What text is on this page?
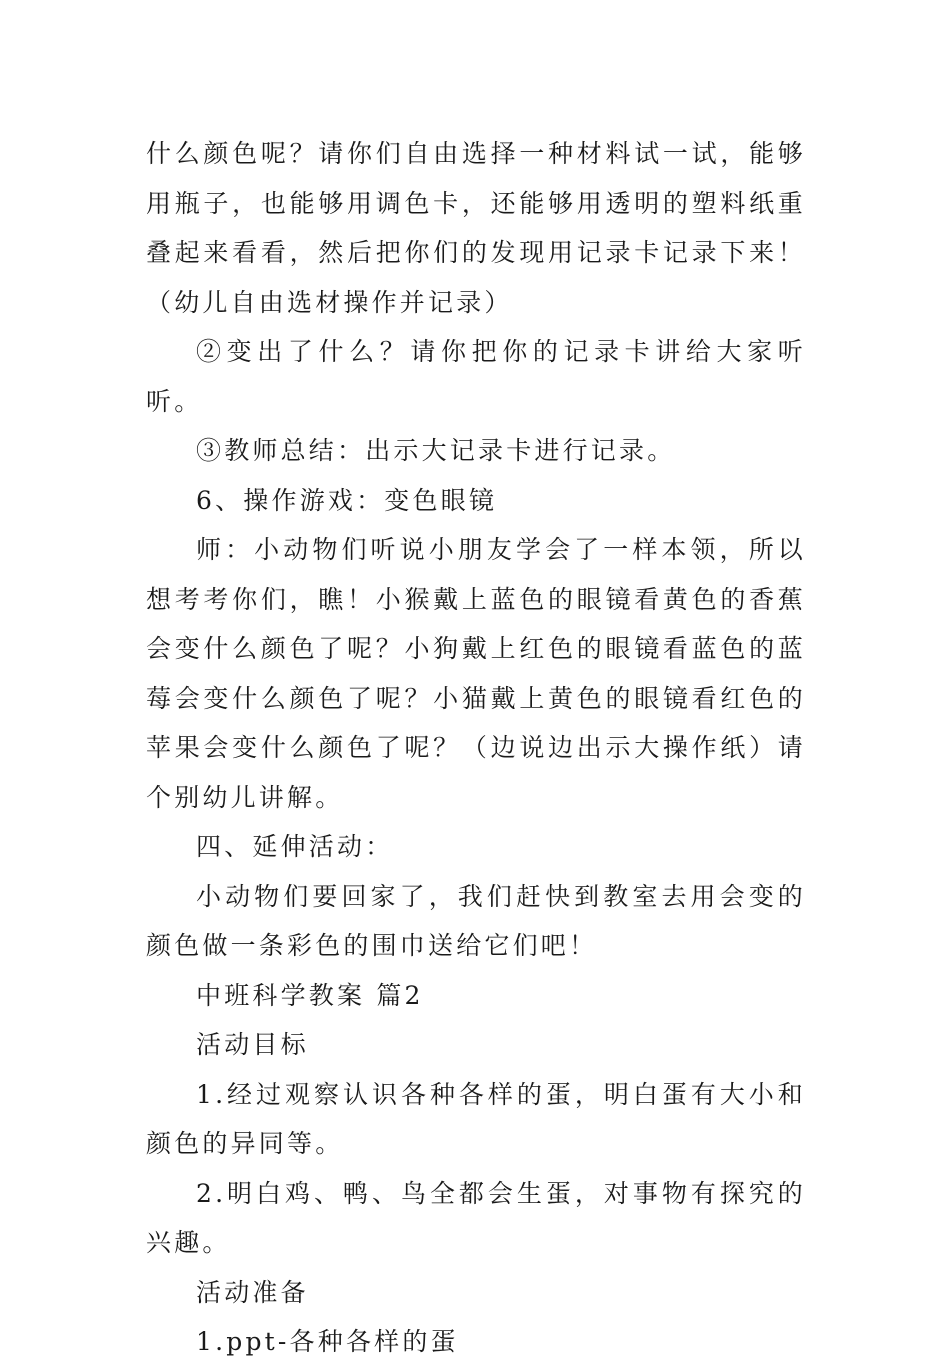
什么颜色呢？请你们自由选择一种材料试一试，能够用瓶子，也能够用调色卡，还能够用透明的塑料纸重叠起来看看，然后把你们的发现用记录卡记录下来！（幼儿自由选材操作并记录）

②变出了什么？请你把你的记录卡讲给大家听听。

③教师总结：出示大记录卡进行记录。

6、操作游戏：变色眼镜

师：小动物们听说小朋友学会了一样本领，所以想考考你们，瞧！小猴戴上蓝色的眼镜看黄色的香蕉会变什么颜色了呢？小狗戴上红色的眼镜看蓝色的蓝莓会变什么颜色了呢？小猫戴上黄色的眼镜看红色的苹果会变什么颜色了呢？（边说边出示大操作纸）请个别幼儿讲解。

四、延伸活动：

小动物们要回家了，我们赶快到教室去用会变的颜色做一条彩色的围巾送给它们吧！

中班科学教案 篇2

活动目标

1.经过观察认识各种各样的蛋，明白蛋有大小和颜色的异同等。

2.明白鸡、鸭、鸟全都会生蛋，对事物有探究的兴趣。

活动准备

1.ppt-各种各样的蛋
